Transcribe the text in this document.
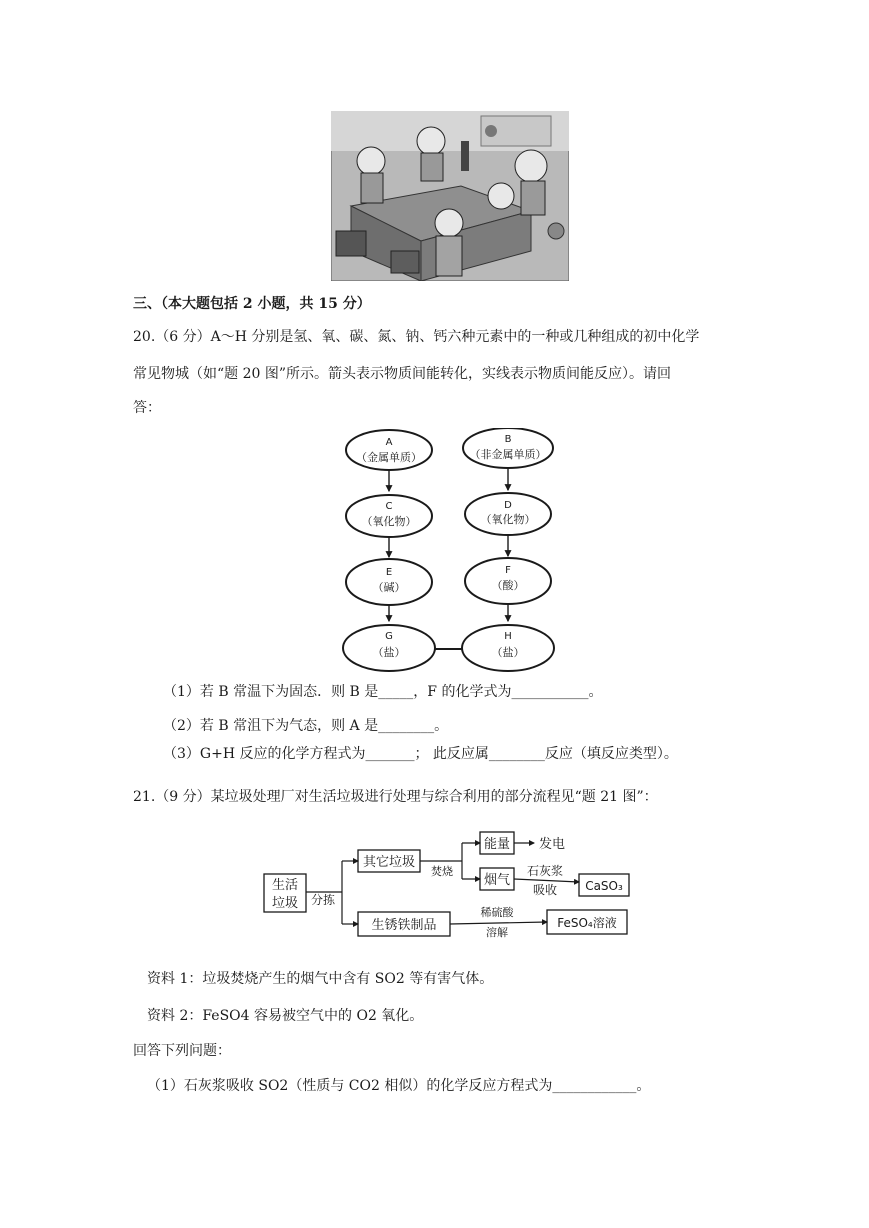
三、（本大题包括 2 小题，共 15 分）
20.（6 分）A～H 分别是氢、氧、碳、氮、钠、钙六种元素中的一种或几种组成的初中化学
常见物城（如“题 20 图”所示。箭头表示物质间能转化，实线表示物质间能反应）。请回
答：
A
（金属单质）
B
（非金属单质）
C
（氧化物）
D
（氧化物）
E
（碱）
F
（酸）
G
（盐）
H
（盐）
（1）若 B 常温下为固态．则 B 是_____，F 的化学式为___________。
（2）若 B 常沮下为气态，则 A 是________。
（3）G+H 反应的化学方程式为_______； 此反应属________反应（填反应类型）。
21.（9 分）某垃圾处理厂对生活垃圾进行处理与综合利用的部分流程见“题 21 图”：
生活
垃圾 分拣
其它垃圾
焚烧
能量 发电
烟气
石灰浆
吸收 CaSO₃
生锈铁制品
稀硫酸
溶解
FeSO₄溶液
资料 1：垃圾焚烧产生的烟气中含有 SO2 等有害气体。
资料 2：FeSO4 容易被空气中的 O2 氧化。
回答下列问题：
（1）石灰浆吸收 SO2（性质与 CO2 相似）的化学反应方程式为____________。
